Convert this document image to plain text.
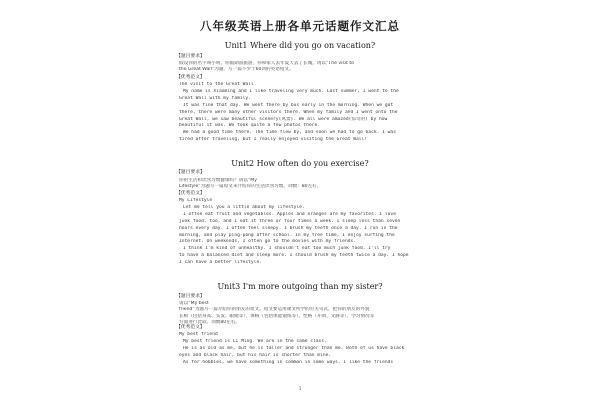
八年级英语上册各单元话题作文汇总
Unit1 Where did you go on vacation?
【题目要求】
假设你的名字叫小明，你假期游旅游，你和家人去年夏天去了长城，请以“The visit to
the Great Wall”为题，写一篇不少于60词的英语短文。
【优秀范文】
The visit to the Great Wall
My name is Xiaoming and I like traveling very much. Last summer, I went to the
Great Wall with my family.
It was fine that day. We went there by bus early in the morning. When we got
there, there were many other visitors there. When my family and I went onto the
Great Wall, we saw beautiful scenery(风景). We all were amazed(惊奇的) by how
beautiful it was. We took quite a few photos there.
We had a good time there. The time flew by, and soon we had to go back. I was
tired after traveling, but I really enjoyed visiting the Great Wall!
Unit2 How often do you exercise?
【题目要求】
你的生活和饮食习惯健康吗？请以“My
Lifestyle”为题写一篇短文来介绍你的生活饮食习惯。词数：80左右。
【优秀范文】
My Lifestyle
Let me tell you a little about my lifestyle.
I often eat fruit and vegetables. Apples and oranges are my favorites. I love
junk food, too, and I eat it three or four times a week. I sleep less than seven
hours every day. I often feel sleepy. I brush my teeth once a day. I run in the
morning, and play ping-pong after school. In my free time, I enjoy surfing the
Internet. On weekends, I often go to the movies with my friends.
I think I'm kind of unhealthy. I shouldn't eat too much junk food. I'll try
to have a balanced diet and sleep more. I should brush my teeth twice a day. I hope
I can have a better lifestyle.
Unit3 I'm more outgoing than my sister?
【题目要求】
请以“My best
friend”为题写一篇介绍你的朋友的短文。短文要运用课文所学的有关句式，把你的朋友的外貌
长相（包括身高、头发、眼睛等），体格（包括体能锻炼等）、性格（开朗、文静等）、学习情况等
方面进行比较。词数80左右。
【优秀范文】
My best friend
My best friend is Li Ming. We are in the same class.
He is as old as me, but he is taller and stronger than me. Both of us have black
eyes and black hair, but his hair is shorter than mine.
As for hobbies, we have something in common in some ways. I like the friends
1
